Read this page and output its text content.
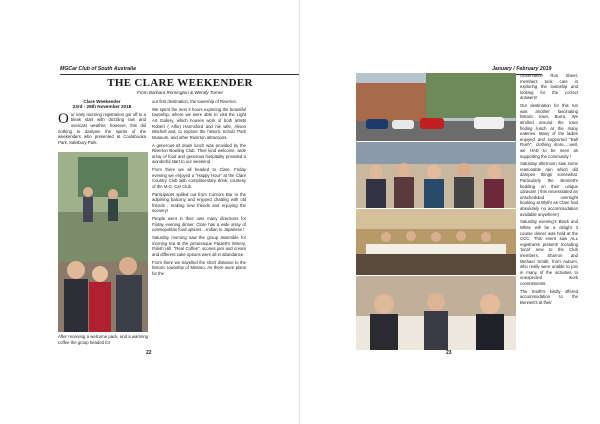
MGCar Club of South Australia
THE CLARE WEEKENDER
From Barbara Remington & Wendy Turner
Clare Weekender
23rd - 25th November 2018

Our early morning registration got off to a bleak start with drizzling rain and overcast weather, however, this did nothing to dampen the spirits of the weekenders who presented at Coolabooka Park, Salisbury Park.

After receiving a welcome pack, and a warming coffee the group headed for

our first destination, the township of Riverton.

We spent the next 3 hours exploring the beautiful township, where we were able to visit the Light Art Gallery, which houses work of both artists Robert ( Alfie) Harmsford and his wife, Alison Mitchell and, to explore the historic Scholz Park Museum, and other Riverton attractions.

A generous sit down lunch was provided by the Riverton Bowling Club. Their kind welcome, wide array of food and generous hospitality provided a wonderful start to our weekend.

From there we all headed to Clare. Friday evening we enjoyed a "Happy Hour" at the Clare Country Club with complimentary drink, courtesy of the M.G. Car Club.

Participants spilled out from Conrors Bar to the adjoining balcony and enjoyed chatting with old friends , making new friends and enjoying the scenery!

People went in their own many directions for Friday evening dinner. Clare has a wide array of cosmopolitan food options....Indian to Japanese !

Saturday morning saw the group assemble for morning tea at the picturesque Paulett's Winery, Polish Hill. "Real Coffee", scones jam and cream and different cake options were all in abundance.

From there we travelled the short distance to the historic township of Mintaro. As there were plans for the

22
January / February 2019

Observation Run Sheet, members took care in exploring the township and looking for the correct answers!

Our destination for this run was another fascinating historic town, Burra. We strolled around the town finding lunch at the many eateries. Many of the ladies enjoyed and supported "Bull Rush", clothing store.....well, we HAD to be seen as supporting the community !

Saturday afternoon saw some reasonable rain which did dampen things somewhat. Particularly the Bennett's bedding on their unique caravan! ( this necessitated an unscheduled overnight booking at Blyth! as Clare had absolutely no accommodation available anywhere!)

Saturday evening's Black and White will be a delight 3 course dinner was held at the CCC. This event saw ALL registrants present! Including 'local' new to the Club members, Sharron and Michael Smith, from Auburn, who really were unable to join in many of the activities to unexpected work commitments.

The Smith's kindly offered accommodation to the Bennett's at their

23
